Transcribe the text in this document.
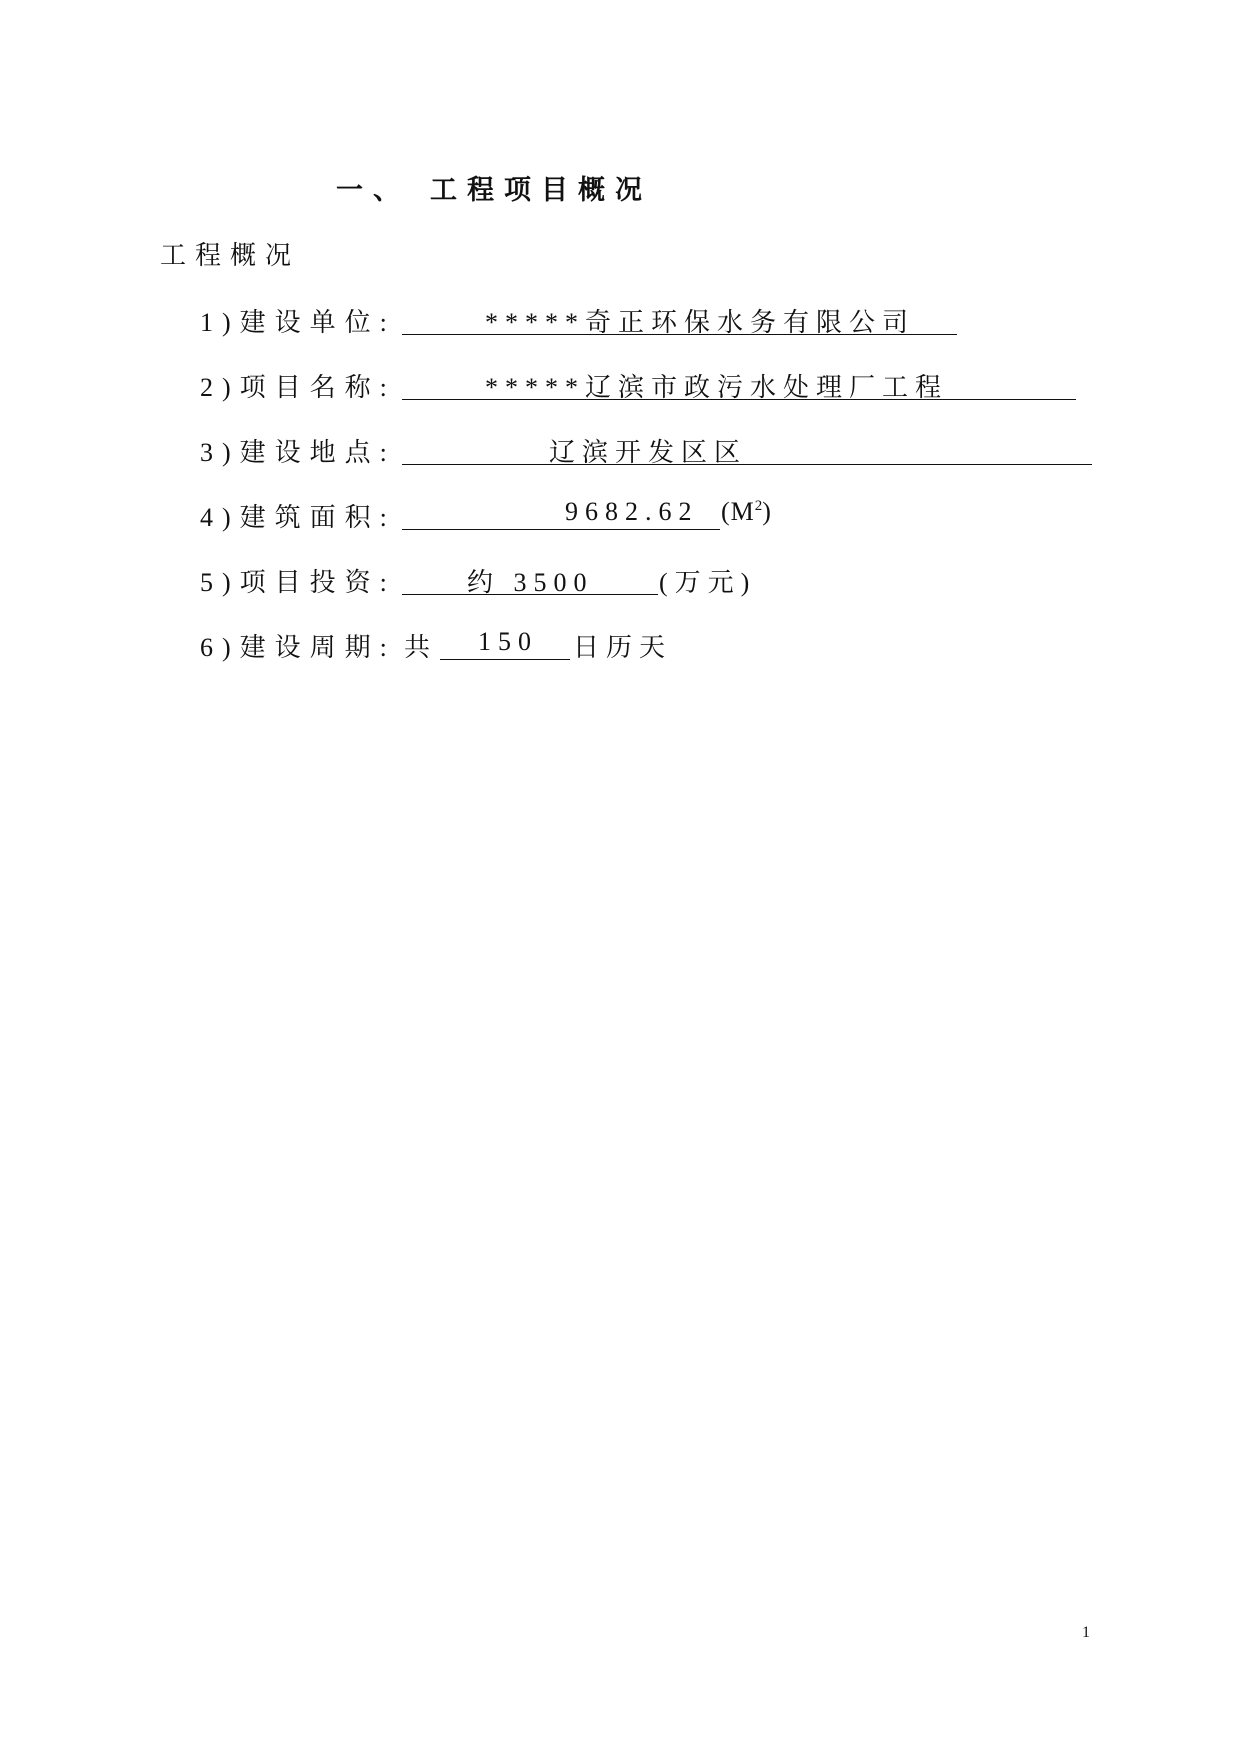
一、 工程项目概况
工程概况
1)建设单位:	*****奇正环保水务有限公司
2)项目名称:	*****辽滨市政污水处理厂工程
3)建设地点:	辽滨开发区区
4)建筑面积:	9682.62 $(M^2)$
5)项目投资:	约 3500	(万元)
6)建设周期: 共	150	日历天
1
